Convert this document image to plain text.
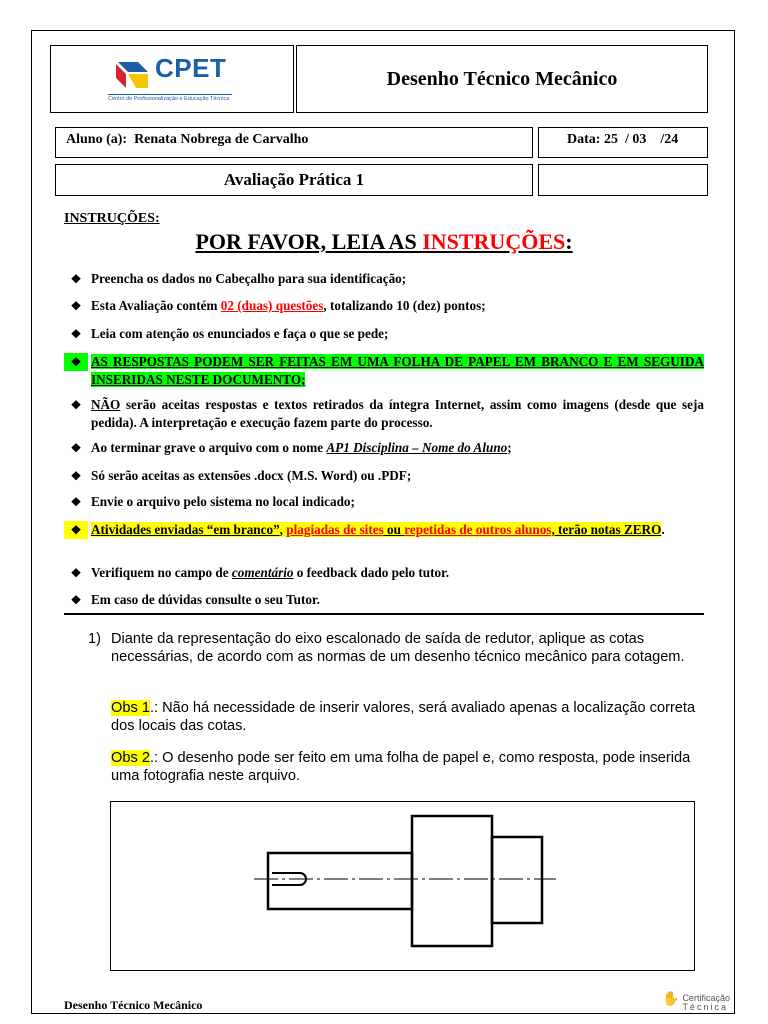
CPET
Centro de Profissionalização e Educação Técnica
Desenho Técnico Mecânico
Aluno (a): Renata Nobrega de Carvalho	Data: 25  / 03    /24
Avaliação Prática 1
INSTRUÇÕES:
POR FAVOR, LEIA AS INSTRUÇÕES:
❖ Preencha os dados no Cabeçalho para sua identificação;
❖ Esta Avaliação contém 02 (duas) questões, totalizando 10 (dez) pontos;
❖ Leia com atenção os enunciados e faça o que se pede;
❖ AS RESPOSTAS PODEM SER FEITAS EM UMA FOLHA DE PAPEL EM BRANCO E EM SEGUIDA INSERIDAS NESTE DOCUMENTO;
❖ NÃO serão aceitas respostas e textos retirados da íntegra Internet, assim como imagens (desde que seja pedida). A interpretação e execução fazem parte do processo.
❖ Ao terminar grave o arquivo com o nome AP1 Disciplina – Nome do Aluno;
❖ Só serão aceitas as extensões .docx (M.S. Word) ou .PDF;
❖ Envie o arquivo pelo sistema no local indicado;
❖ Atividades enviadas “em branco”, plagiadas de sites ou repetidas de outros alunos, terão notas ZERO.
❖ Verifiquem no campo de comentário o feedback dado pelo tutor.
❖ Em caso de dúvidas consulte o seu Tutor.
1) Diante da representação do eixo escalonado de saída de redutor, aplique as cotas necessárias, de acordo com as normas de um desenho técnico mecânico para cotagem.

Obs 1.: Não há necessidade de inserir valores, será avaliado apenas a localização correta dos locais das cotas.
Obs 2.: O desenho pode ser feito em uma folha de papel e, como resposta, pode inserida uma fotografia neste arquivo.
Desenho Técnico Mecânico	✋ Certificação
Técnica
